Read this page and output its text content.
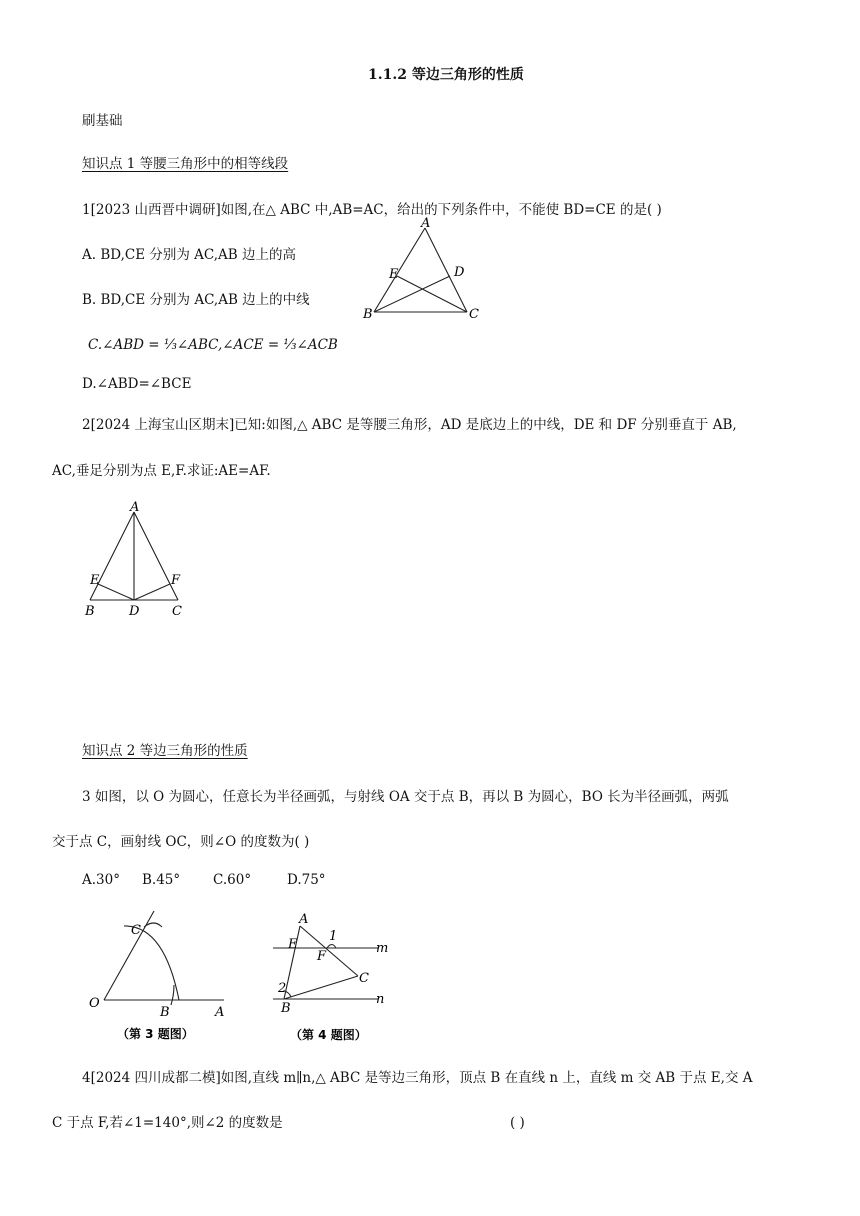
1.1.2 等边三角形的性质
刷基础
知识点 1 等腰三角形中的相等线段
1[2023 山西晋中调研]如图,在△ ABC 中,AB=AC，给出的下列条件中，不能使 BD=CE 的是( )
A. BD,CE 分别为 AC,AB 边上的高
B. BD,CE 分别为 AC,AB 边上的中线
C.∠ABD = ⅓∠ABC,∠ACE = ⅓∠ACB
D.∠ABD=∠BCE
A
B	C
D
E
2[2024 上海宝山区期末]已知:如图,△ ABC 是等腰三角形，AD 是底边上的中线，DE 和 DF 分别垂直于 AB,
AC,垂足分别为点 E,F.求证:AE=AF.
A
B	D	C
E	F
知识点 2 等边三角形的性质
3 如图，以 O 为圆心，任意长为半径画弧，与射线 OA 交于点 B，再以 B 为圆心，BO 长为半径画弧，两弧
交于点 C，画射线 OC，则∠O 的度数为( )
A.30° B.45° C.60°	D.75°
O
B	A
C
（第 3 题图）
A
E
F
C
B
m
n
1
2
（第 4 题图）
4[2024 四川成都二模]如图,直线 m∥n,△ ABC 是等边三角形，顶点 B 在直线 n 上，直线 m 交 AB 于点 E,交 A
C 于点 F,若∠1=140°,则∠2 的度数是	( )
